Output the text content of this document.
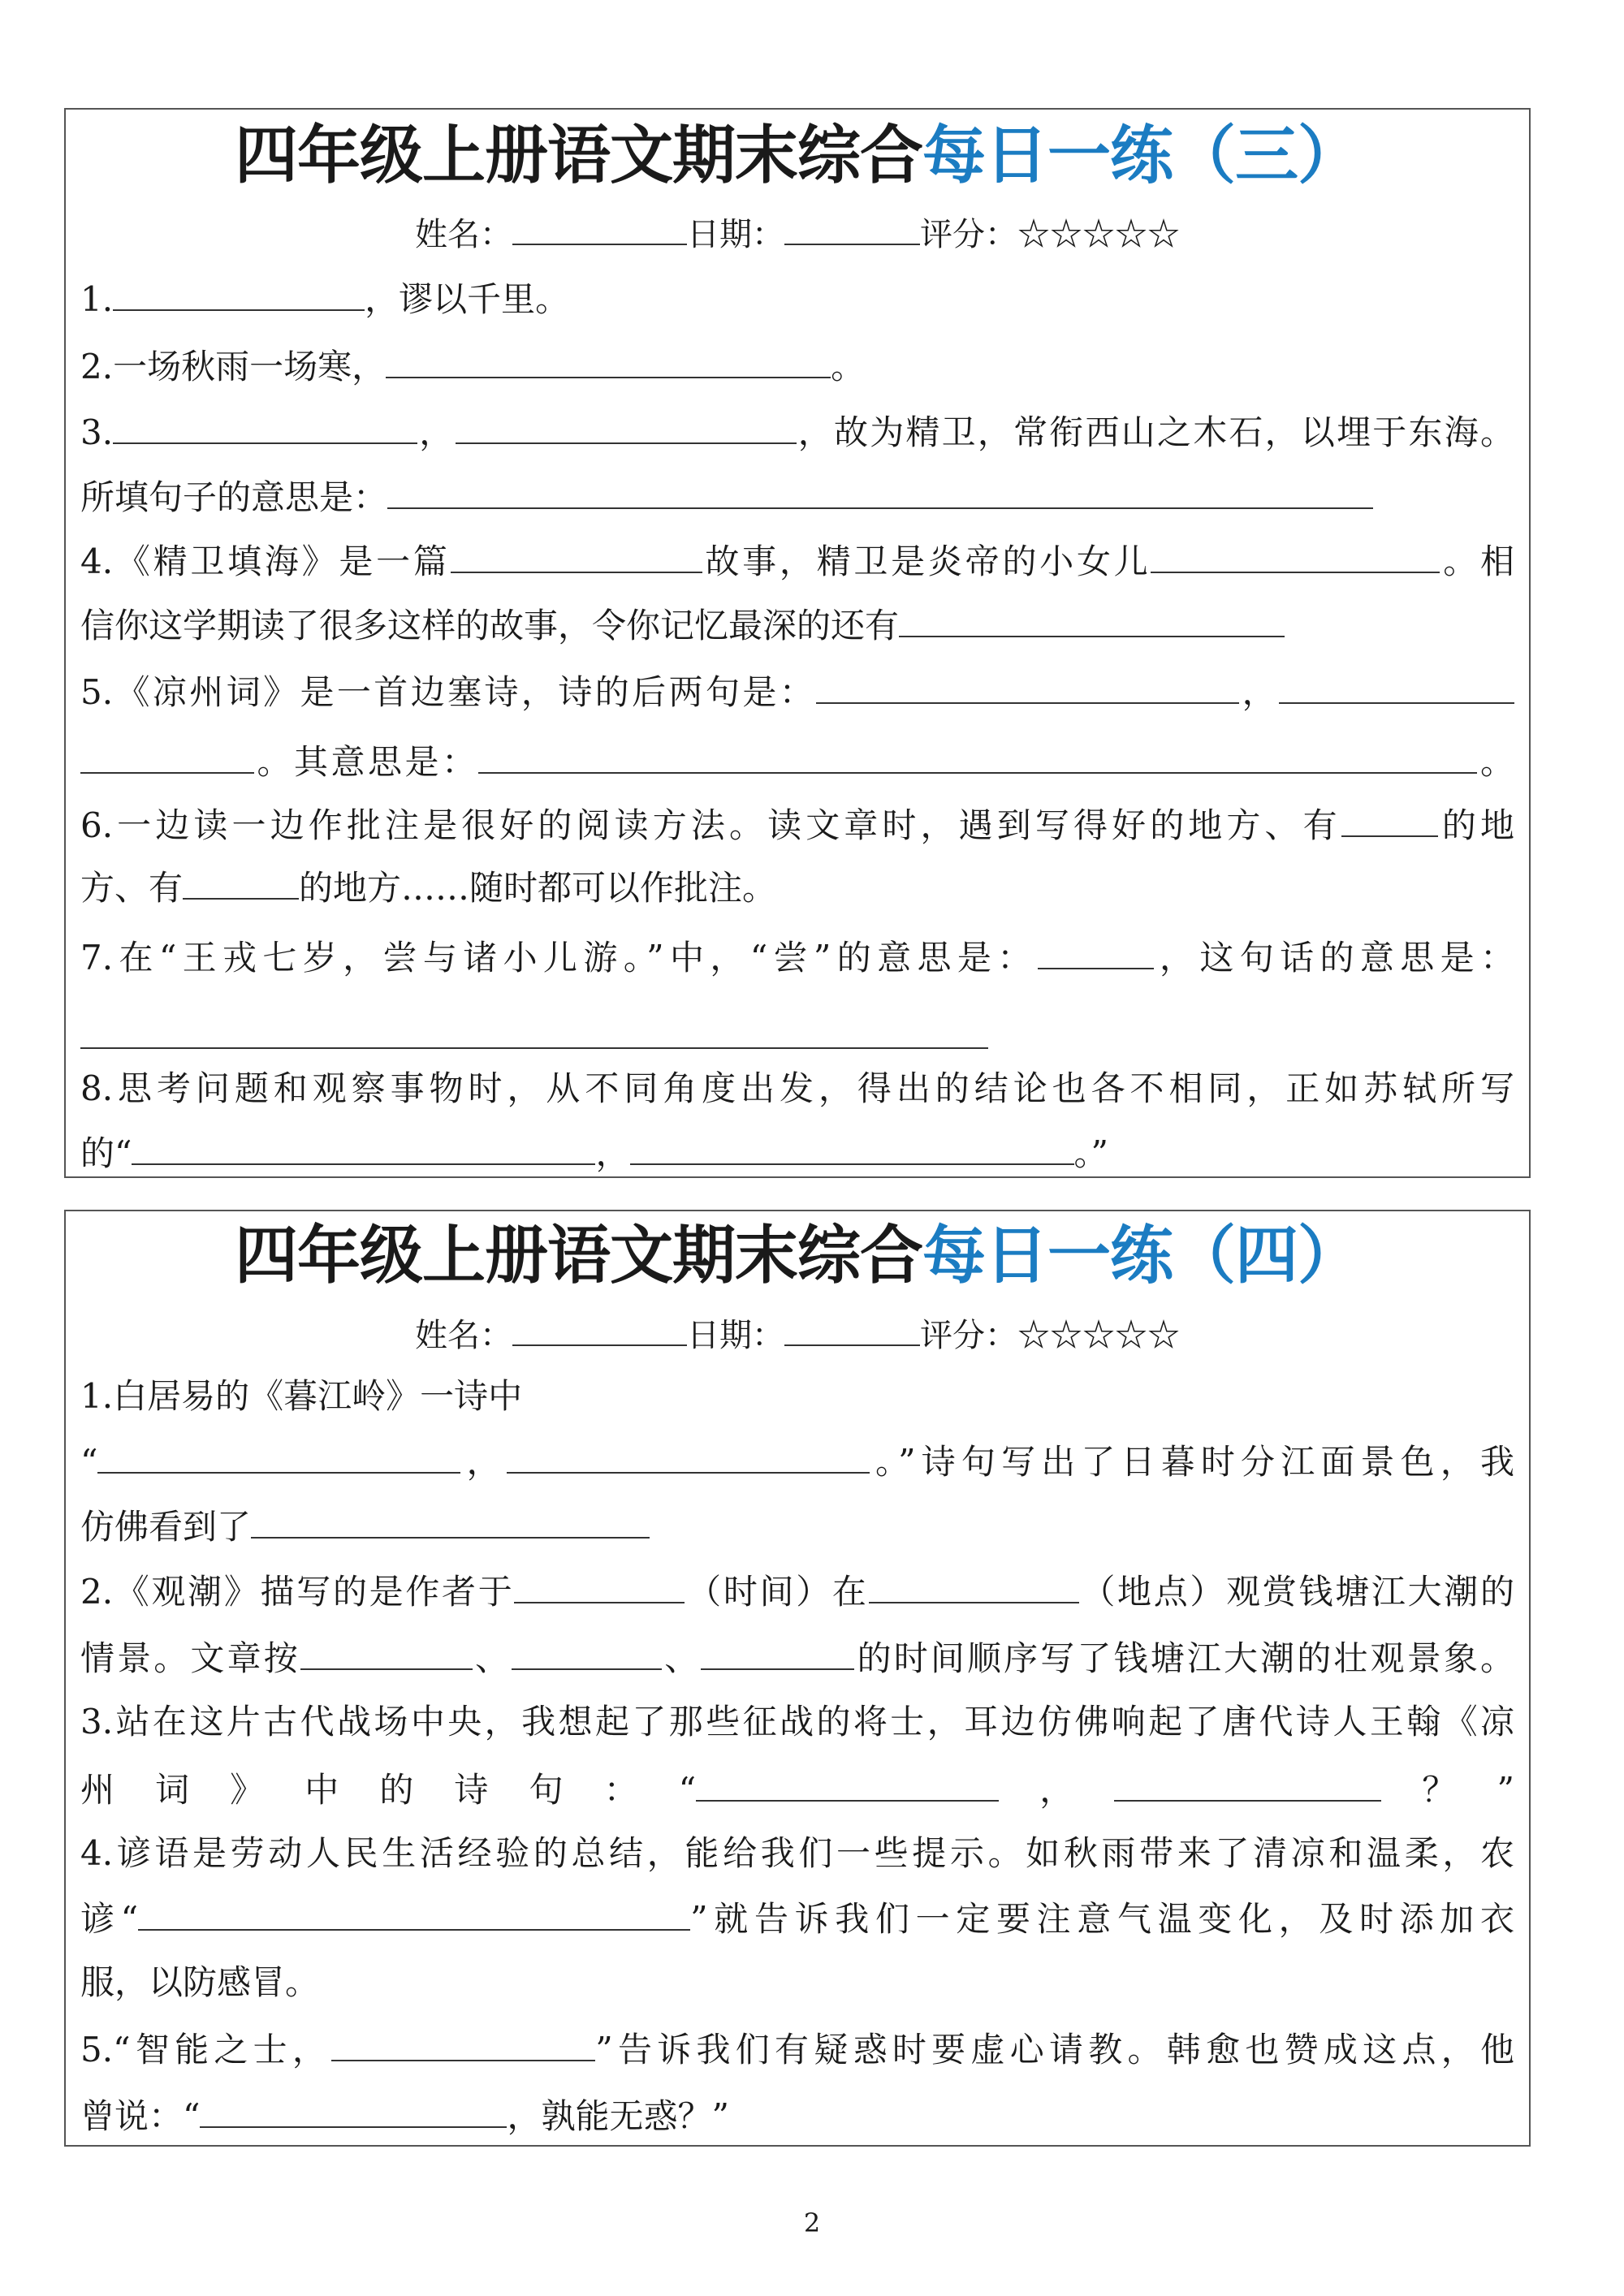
四年级上册语文期末综合每日一练（三）
姓名：	日期：	评分：☆☆☆☆☆
1.	，谬以千里。
2.一场秋雨一场寒，	。
3.	，	，故为精卫，常衔西山之木石，以埋于东海。
所填句子的意思是：
4.《精卫填海》是一篇	故事，精卫是炎帝的小女儿	。相
信你这学期读了很多这样的故事，令你记忆最深的还有
5.《凉州词》是一首边塞诗，诗的后两句是：	，
。其意思是：	。
6.一边读一边作批注是很好的阅读方法。读文章时，遇到写得好的地方、有	的地
方、有	的地方……随时都可以作批注。
7.在“王戎七岁，尝与诸小儿游。”中，“尝”的意思是：	，这句话的意思是：
8.思考问题和观察事物时，从不同角度出发，得出的结论也各不相同，正如苏轼所写
的“	，	。”
四年级上册语文期末综合每日一练（四）
姓名：	日期：	评分：☆☆☆☆☆
1.白居易的《暮江岭》一诗中
“	，	。”诗句写出了日暮时分江面景色，我
仿佛看到了
2.《观潮》描写的是作者于	（时间）在	（地点）观赏钱塘江大潮的
情景。文章按	、	、	的时间顺序写了钱塘江大潮的壮观景象。
3.站在这片古代战场中央，我想起了那些征战的将士，耳边仿佛响起了唐代诗人王翰《凉
州词》中的诗句：“	，	？”
4.谚语是劳动人民生活经验的总结，能给我们一些提示。如秋雨带来了清凉和温柔，农
谚“	”就告诉我们一定要注意气温变化，及时添加衣
服，以防感冒。
5.“智能之士，	”告诉我们有疑惑时要虚心请教。韩愈也赞成这点，他
曾说：“	，孰能无惑？”
2
